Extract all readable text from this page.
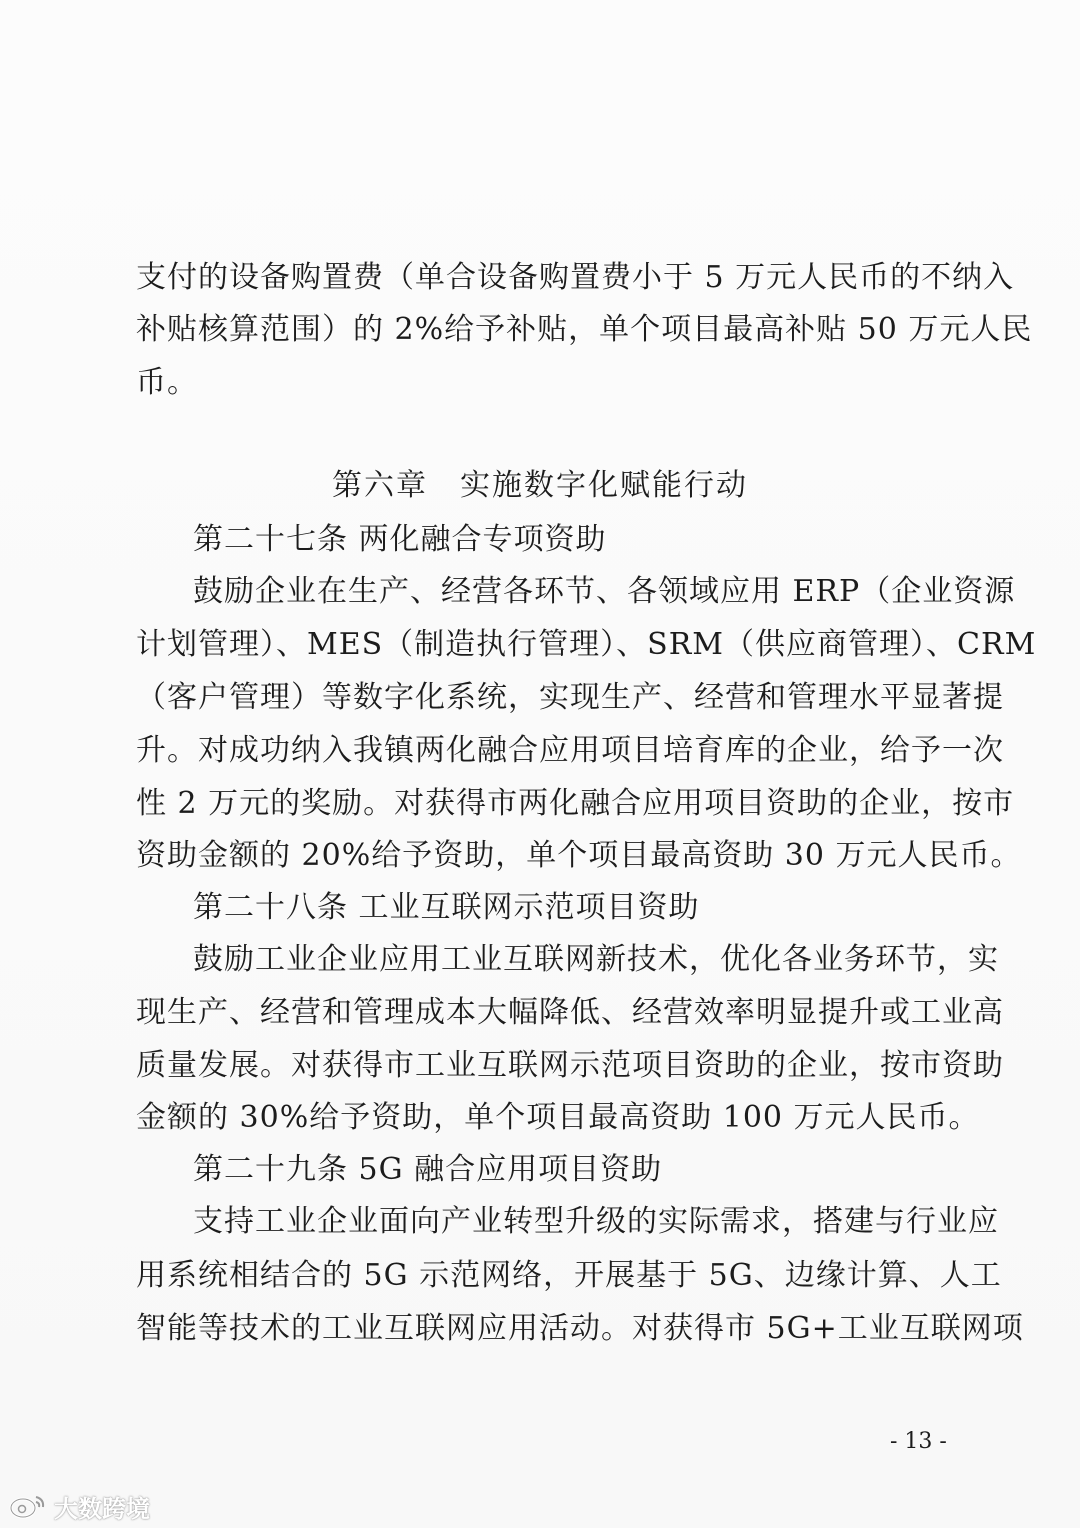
支付的设备购置费（单合设备购置费小于 5 万元人民币的不纳入
补贴核算范围）的 2%给予补贴，单个项目最高补贴 50 万元人民
币。
第六章　实施数字化赋能行动
第二十七条 两化融合专项资助
鼓励企业在生产、经营各环节、各领域应用 ERP（企业资源
计划管理）、MES（制造执行管理）、SRM（供应商管理）、CRM
（客户管理）等数字化系统，实现生产、经营和管理水平显著提
升。对成功纳入我镇两化融合应用项目培育库的企业，给予一次
性 2 万元的奖励。对获得市两化融合应用项目资助的企业，按市
资助金额的 20%给予资助，单个项目最高资助 30 万元人民币。
第二十八条 工业互联网示范项目资助
鼓励工业企业应用工业互联网新技术，优化各业务环节，实
现生产、经营和管理成本大幅降低、经营效率明显提升或工业高
质量发展。对获得市工业互联网示范项目资助的企业，按市资助
金额的 30%给予资助，单个项目最高资助 100 万元人民币。
第二十九条 5G 融合应用项目资助
支持工业企业面向产业转型升级的实际需求，搭建与行业应
用系统相结合的 5G 示范网络，开展基于 5G、边缘计算、人工
智能等技术的工业互联网应用活动。对获得市 5G+工业互联网项
- 13 -
大数跨境
